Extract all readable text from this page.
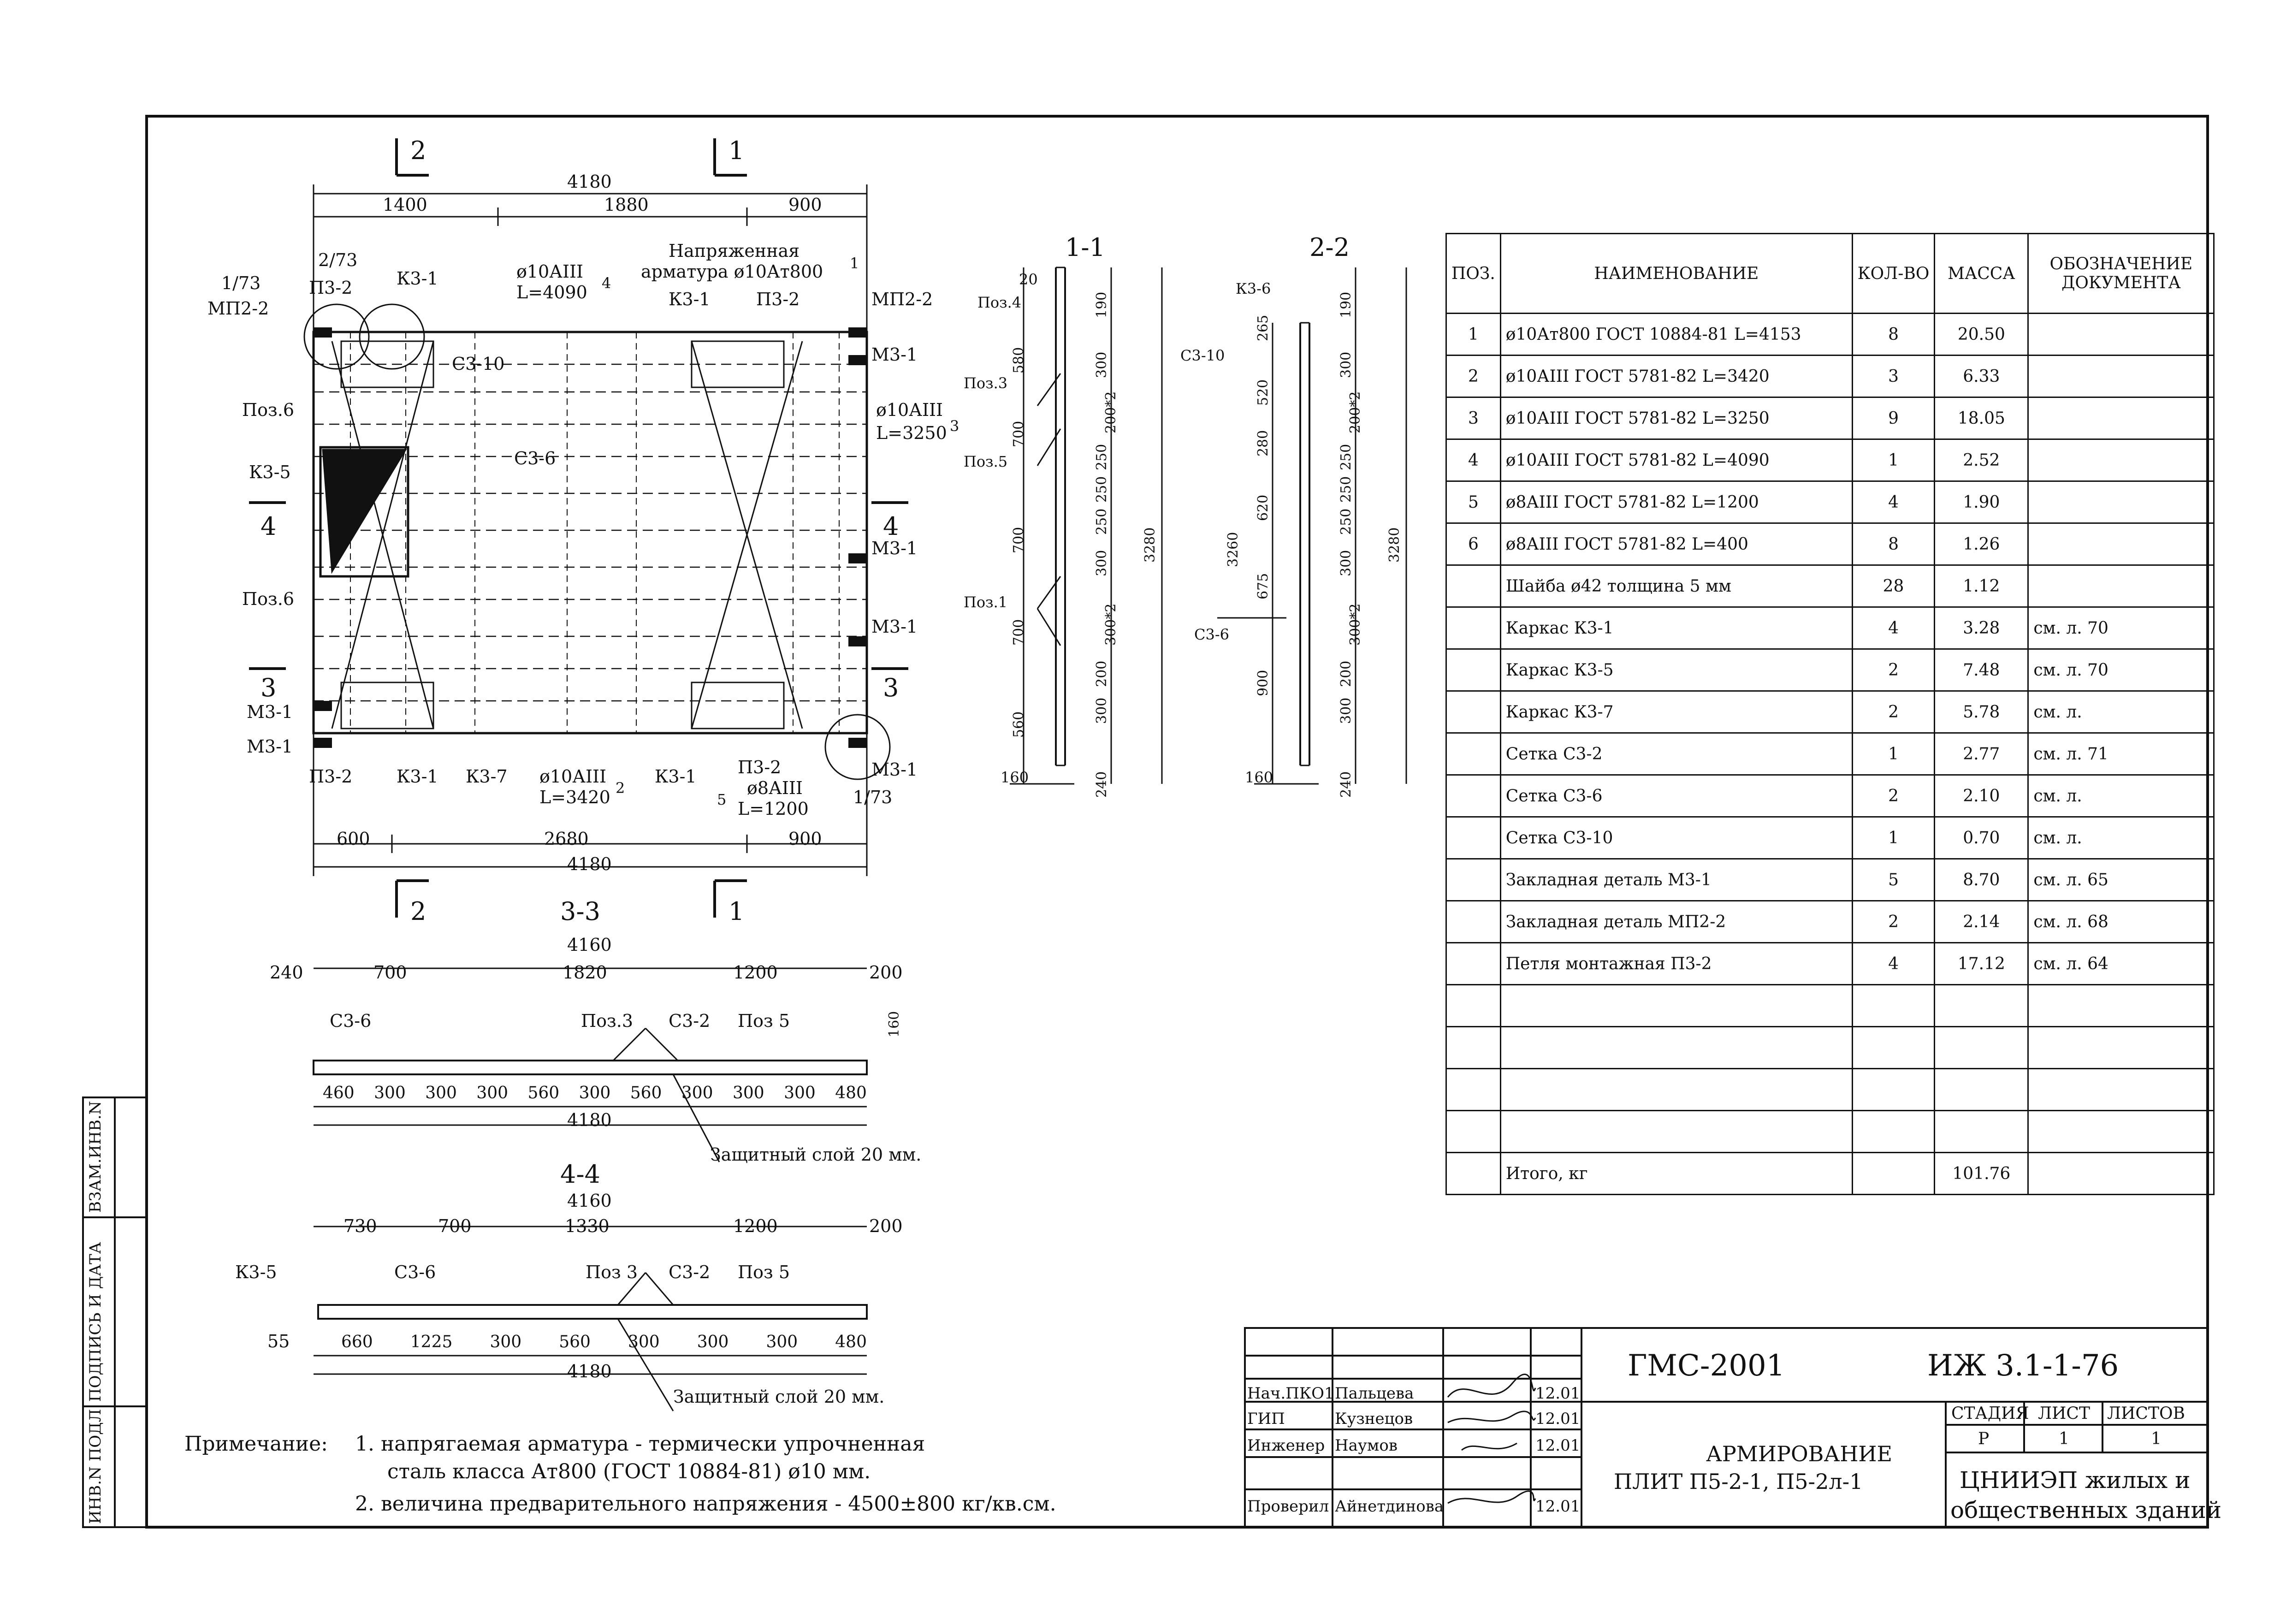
2	1
2	1
4180
1400	1880	900
1/73
МП2-2
2/73
П3-2	К3-1	ø10АIII
L=4090 4
Напряженная
арматура ø10Ат800 1
К3-1	П3-2	МП2-2
М3-1
С3-10
ø10АIII
L=3250 3
Поз.6
К3-5
С3-6
4	4
М3-1
Поз.6
М3-1
3	3
М3-1
М3-1
П3-2	К3-1 К3-7 ø10АIII
L=3420 2
К3-1 П3-2
5
ø8АIII
L=1200
М3-1
1/73
600	2680	900
4180
1-1
20
Поз.4
Поз.3
Поз.5
Поз.1
160
580
700
700
700
560
190
300
200*2
250
250
250
300
300*2
200
300
240
3280
2-2
К3-6
С3-10
С3-6
160
265
520
280
620
675
900
3260
190
300
200*2
250
250
250
300
300*2
200
300
240
3280
3-3
4160
240	700	1820	1200	200
С3-6	Поз.3 С3-2 Поз 5	160
460 300 300 300 560 300 560 300 300 300 480
4180
Защитный слой 20 мм.
4-4
4160
730	700	1330	1200	200
К3-5	С3-6	Поз 3 С3-2 Поз 5
55	660 1225 300 560 300 300 300 480
4180
Защитный слой 20 мм.
Примечание: 1. напрягаемая арматура - термически упрочненная
сталь класса Ат800 (ГОСТ 10884-81) ø10 мм.
2. величина предварительного напряжения - 4500±800 кг/кв.см.
ИНВ.N ПОДЛ
ПОДПИСЬ И ДАТА
ВЗАМ.ИНВ.N
ПОЗ.	НАИМЕНОВАНИЕ	КОЛ-ВО	МАССА	ОБОЗНАЧЕНИЕ ДОКУМЕНТА
1	ø10Ат800 ГОСТ 10884-81 L=4153	8	20.50	
2	ø10АIII ГОСТ 5781-82 L=3420	3	6.33	
3	ø10АIII ГОСТ 5781-82 L=3250	9	18.05	
4	ø10АIII ГОСТ 5781-82 L=4090	1	2.52	
5	ø8АIII ГОСТ 5781-82 L=1200	4	1.90	
6	ø8АIII ГОСТ 5781-82 L=400	8	1.26	
	Шайба ø42 толщина 5 мм	28	1.12	
	Каркас К3-1	4	3.28	см. л. 70
	Каркас К3-5	2	7.48	см. л. 70
	Каркас К3-7	2	5.78	см. л.
	Сетка С3-2	1	2.77	см. л. 71
	Сетка С3-6	2	2.10	см. л.
	Сетка С3-10	1	0.70	см. л.
	Закладная деталь М3-1	5	8.70	см. л. 65
	Закладная деталь МП2-2	2	2.14	см. л. 68
	Петля монтажная П3-2	4	17.12	см. л. 64

	Итого, кг		101.76	
ГМС-2001	ИЖ 3.1-1-76
АРМИРОВАНИЕ
ПЛИТ П5-2-1, П5-2л-1
СТАДИЯ ЛИСТ ЛИСТОВ
Р	1	1
ЦНИИЭП жилых и
общественных зданий
Нач.ПКО1 Пальцева	12.01
ГИП	Кузнецов	12.01
Инженер Наумов	12.01
Проверил Айнетдинова	12.01
